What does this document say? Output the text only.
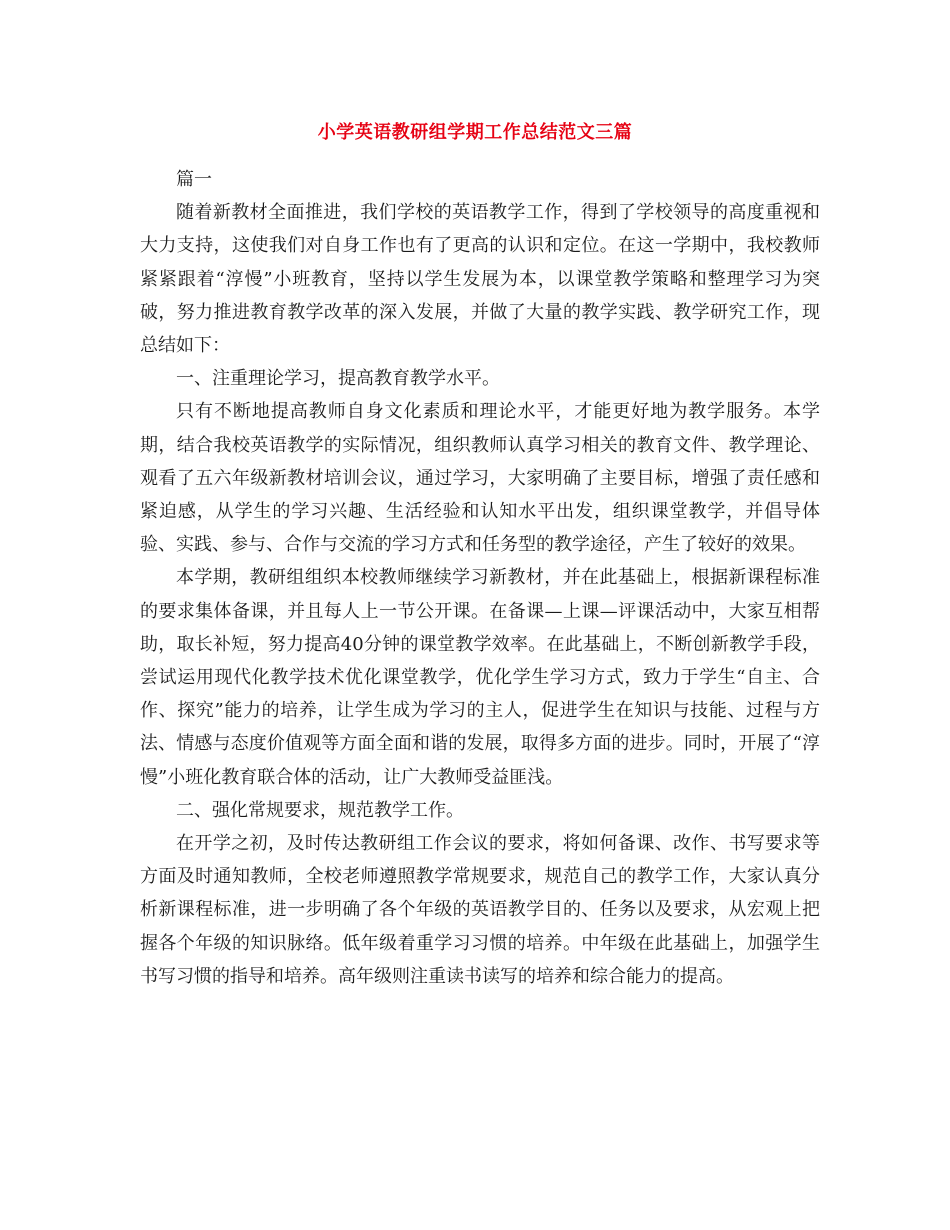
小学英语教研组学期工作总结范文三篇

篇一

随着新教材全面推进，我们学校的英语教学工作，得到了学校领导的高度重视和大力支持，这使我们对自身工作也有了更高的认识和定位。在这一学期中，我校教师紧紧跟着“淳慢”小班教育，坚持以学生发展为本，以课堂教学策略和整理学习为突破，努力推进教育教学改革的深入发展，并做了大量的教学实践、教学研究工作，现总结如下：

一、注重理论学习，提高教育教学水平。

只有不断地提高教师自身文化素质和理论水平，才能更好地为教学服务。本学期，结合我校英语教学的实际情况，组织教师认真学习相关的教育文件、教学理论、观看了五六年级新教材培训会议，通过学习，大家明确了主要目标，增强了责任感和紧迫感，从学生的学习兴趣、生活经验和认知水平出发，组织课堂教学，并倡导体验、实践、参与、合作与交流的学习方式和任务型的教学途径，产生了较好的效果。

本学期，教研组组织本校教师继续学习新教材，并在此基础上，根据新课程标准的要求集体备课，并且每人上一节公开课。在备课—上课—评课活动中，大家互相帮助，取长补短，努力提高40分钟的课堂教学效率。在此基础上，不断创新教学手段，尝试运用现代化教学技术优化课堂教学，优化学生学习方式，致力于学生“自主、合作、探究”能力的培养，让学生成为学习的主人，促进学生在知识与技能、过程与方法、情感与态度价值观等方面全面和谐的发展，取得多方面的进步。同时，开展了“淳慢”小班化教育联合体的活动，让广大教师受益匪浅。

二、强化常规要求，规范教学工作。

在开学之初，及时传达教研组工作会议的要求，将如何备课、改作、书写要求等方面及时通知教师，全校老师遵照教学常规要求，规范自己的教学工作，大家认真分析新课程标准，进一步明确了各个年级的英语教学目的、任务以及要求，从宏观上把握各个年级的知识脉络。低年级着重学习习惯的培养。中年级在此基础上，加强学生书写习惯的指导和培养。高年级则注重读书读写的培养和综合能力的提高。
